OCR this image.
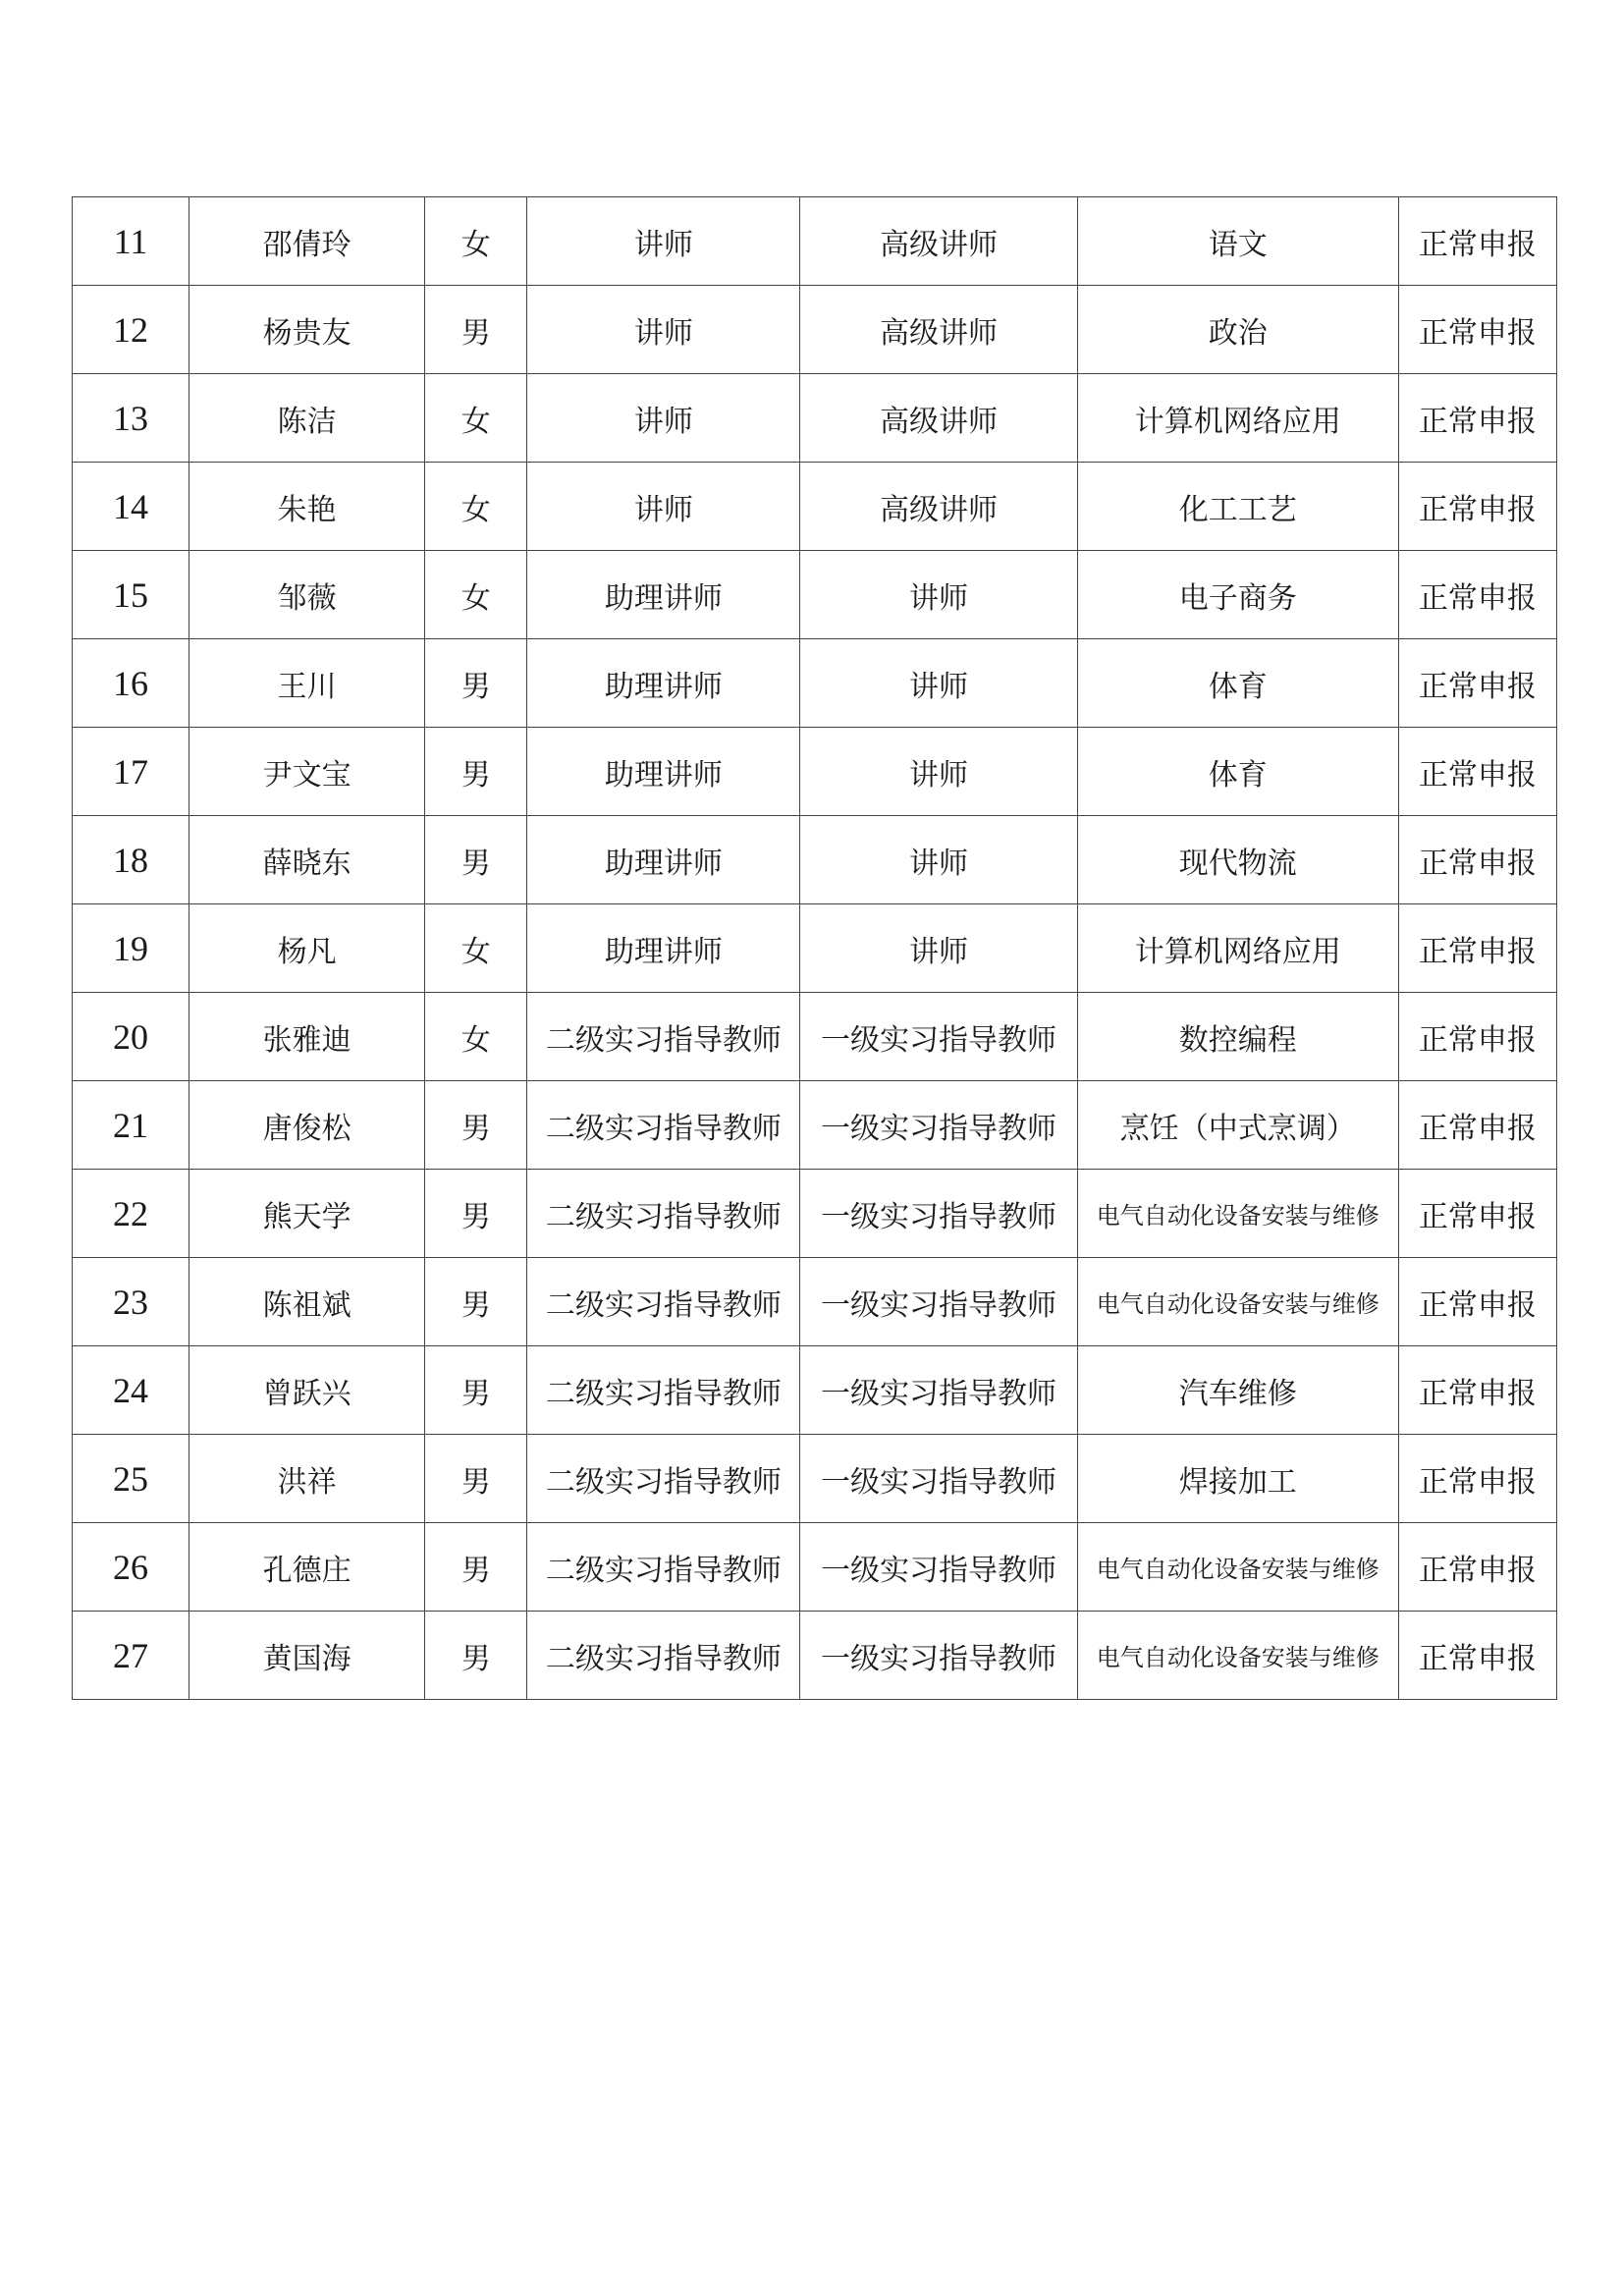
11	邵倩玲	女	讲师	高级讲师	语文	正常申报
12	杨贵友	男	讲师	高级讲师	政治	正常申报
13	陈洁	女	讲师	高级讲师	计算机网络应用	正常申报
14	朱艳	女	讲师	高级讲师	化工工艺	正常申报
15	邹薇	女	助理讲师	讲师	电子商务	正常申报
16	王川	男	助理讲师	讲师	体育	正常申报
17	尹文宝	男	助理讲师	讲师	体育	正常申报
18	薛晓东	男	助理讲师	讲师	现代物流	正常申报
19	杨凡	女	助理讲师	讲师	计算机网络应用	正常申报
20	张雅迪	女	二级实习指导教师	一级实习指导教师	数控编程	正常申报
21	唐俊松	男	二级实习指导教师	一级实习指导教师	烹饪（中式烹调）	正常申报
22	熊天学	男	二级实习指导教师	一级实习指导教师	电气自动化设备安装与维修	正常申报
23	陈祖斌	男	二级实习指导教师	一级实习指导教师	电气自动化设备安装与维修	正常申报
24	曾跃兴	男	二级实习指导教师	一级实习指导教师	汽车维修	正常申报
25	洪祥	男	二级实习指导教师	一级实习指导教师	焊接加工	正常申报
26	孔德庄	男	二级实习指导教师	一级实习指导教师	电气自动化设备安装与维修	正常申报
27	黄国海	男	二级实习指导教师	一级实习指导教师	电气自动化设备安装与维修	正常申报
